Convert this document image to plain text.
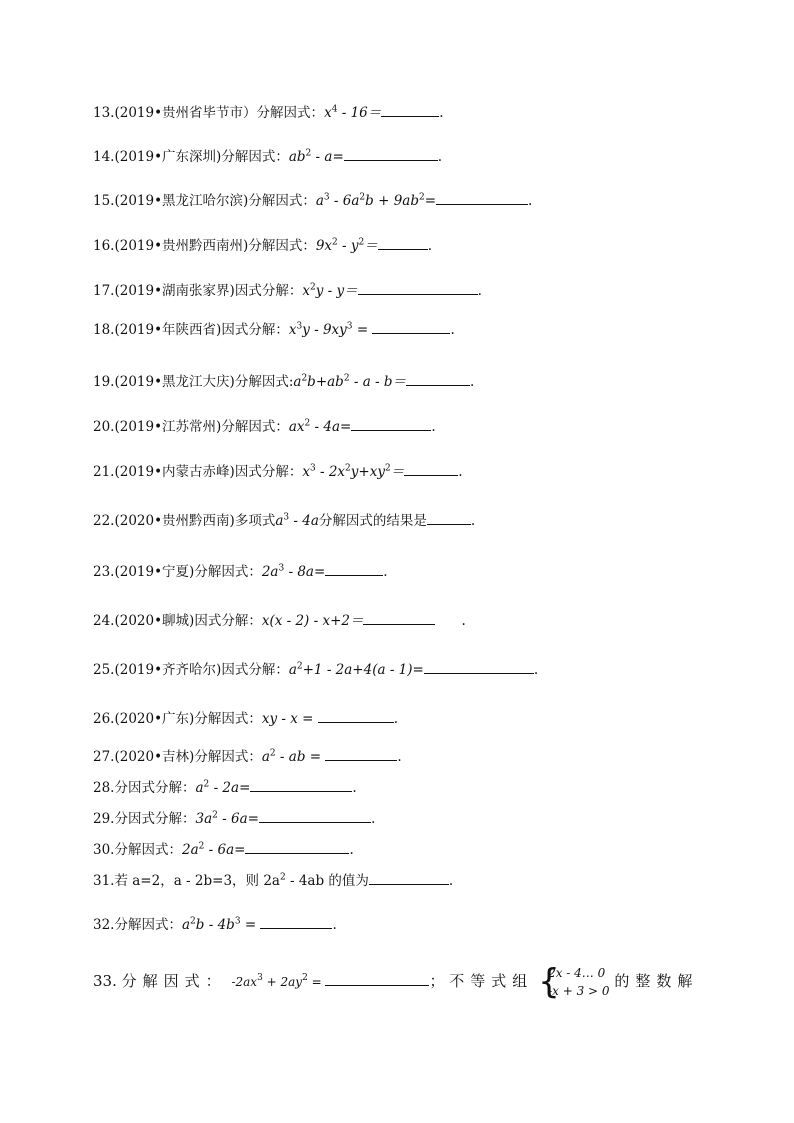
13.(2019•贵州省毕节市）分解因式：$x^4 - 16=$	.
14.(2019•广东深圳)分解因式：$ab^2 - a=$	.
15.(2019•黑龙江哈尔滨)分解因式：$a^3 - 6a^2b + 9ab^2=$	.
16.(2019•贵州黔西南州)分解因式：$9x^2 - y^2=$	.
17.(2019•湖南张家界)因式分解：$x^2y - y=$	.
18.(2019•年陕西省)因式分解：$x^3y - 9xy^3$ =	.
19.(2019•黑龙江大庆)分解因式$:a^2b+ab^2 - a - b=$	.
20.(2019•江苏常州)分解因式：$ax^2 - 4a=$	.
21.(2019•内蒙古赤峰)因式分解：$x^3 - 2x^2y+xy^2=$	.
22.(2020•贵州黔西南)多项式$a^3 - 4a$分解因式的结果是	.
23.(2019•宁夏)分解因式：$2a^3 - 8a=$	.
24.(2020•聊城)因式分解：x(x - 2) - x+2＝	.
25.(2019•齐齐哈尔)因式分解：$a^2+1 - 2a+4(a - 1)=$	.
26.(2020•广东)分解因式：xy - x =	.
27.(2020•吉林)分解因式：$a^2$ - ab =	.
28.分因式分解：$a^2 - 2a=$	.
29.分因式分解：$3a^2 - 6a=$	.
30.分解因式：$2a^2 - 6a=$	.
31.若 a=2，a - 2b=3，则 $2a^2 - 4ab$ 的值为	.
32.分解因式：$a^2b - 4b^3$ =	.
33. 分解因式： $-2ax^3 + 2ay^2$ =	； 不等式组 {
2x - 4… 0
-x + 3 > 0
的整数解
